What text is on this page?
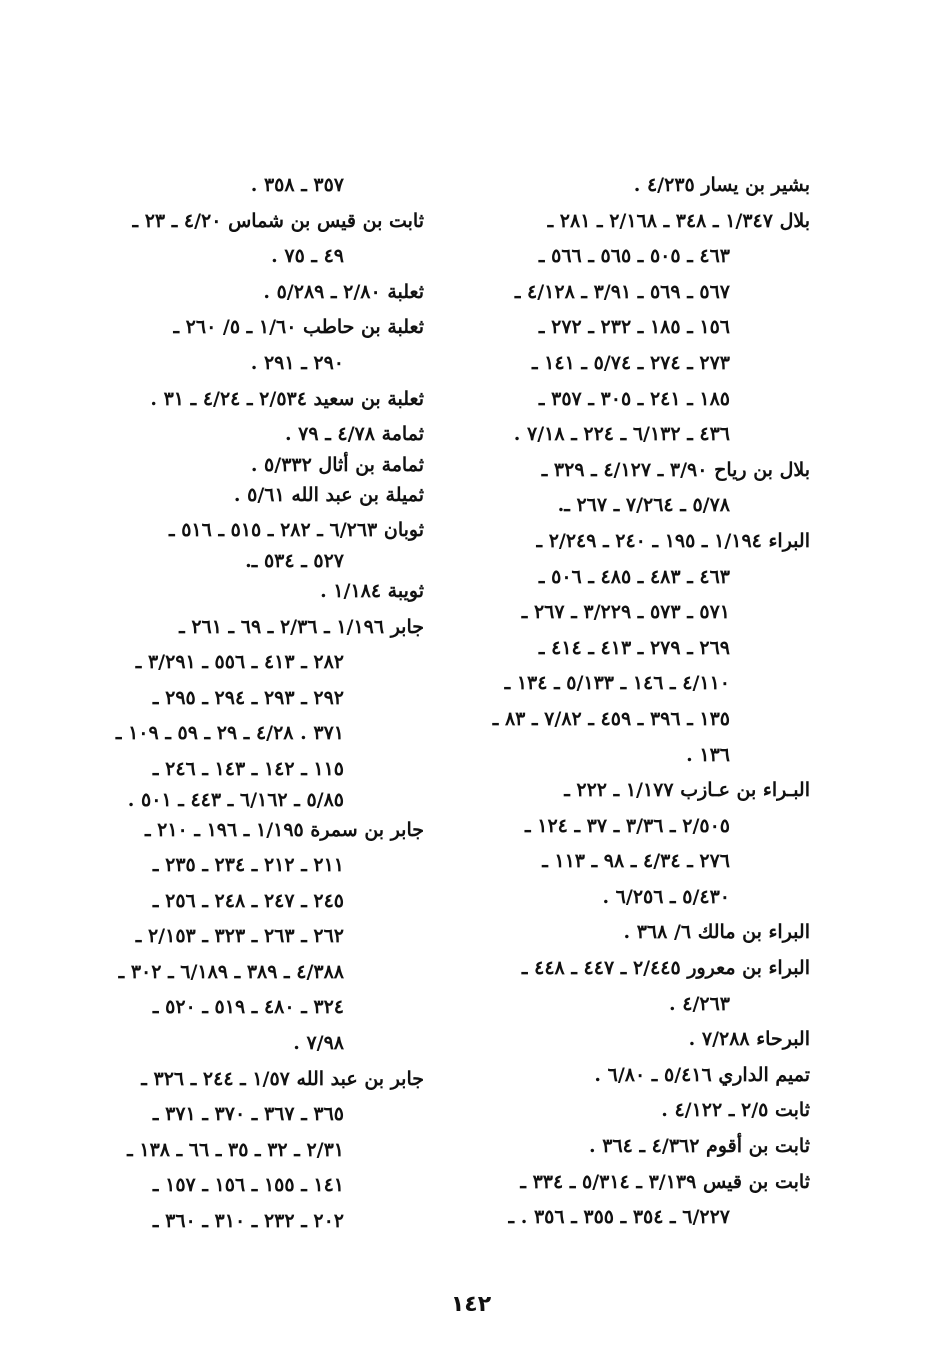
بشير بن يسار ٤/٢٣٥ .
بلال ١/٣٤٧ ـ ٣٤٨ ـ ٢/١٦٨ ـ ٢٨١ ـ
٤٦٣ ـ ٥٠٥ ـ ٥٦٥ ـ ٥٦٦ ـ
٥٦٧ ـ ٥٦٩ ـ ٣/٩١ ـ ٤/١٢٨ ـ
١٥٦ ـ ١٨٥ ـ ٢٣٢ ـ ٢٧٢ ـ
٢٧٣ ـ ٢٧٤ ـ ٥/٧٤ ـ ١٤١ ـ
١٨٥ ـ ٢٤١ ـ ٣٠٥ ـ ٣٥٧ ـ
٤٣٦ ـ ٦/١٣٢ ـ ٢٢٤ ـ ٧/١٨ .
بلال بن رياح ٣/٩٠ ـ ٤/١٢٧ ـ ٣٢٩ ـ
٥/٧٨ ـ ٧/٢٦٤ ـ ٢٦٧ ـ.
البراء ١/١٩٤ ـ ١٩٥ ـ ٢٤٠ ـ ٢/٢٤٩ ـ
٤٦٣ ـ ٤٨٣ ـ ٤٨٥ ـ ٥٠٦ ـ
٥٧١ ـ ٥٧٣ ـ ٣/٢٢٩ ـ ٢٦٧ ـ
٢٦٩ ـ ٢٧٩ ـ ٤١٣ ـ ٤١٤ ـ
٤/١١٠ ـ ١٤٦ ـ ٥/١٣٣ ـ ١٣٤ ـ
١٣٥ ـ ٣٩٦ ـ ٤٥٩ ـ ٧/٨٢ ـ ٨٣ ـ
١٣٦ .
البـراء بن عـازب ١/١٧٧ ـ ٢٢٢ ـ
٢/٥٠٥ ـ ٣/٣٦ ـ ٣٧ ـ ١٢٤ ـ
٢٧٦ ـ ٤/٣٤ ـ ٩٨ ـ ١١٣ ـ
٥/٤٣٠ ـ ٦/٢٥٦ .
البراء بن مالك ٦/ ٣٦٨ .
البراء بن معرور ٢/٤٤٥ ـ ٤٤٧ ـ ٤٤٨ ـ
٤/٢٦٣ .
البرحاء ٧/٢٨٨ .
تميم الداري ٥/٤١٦ ـ ٦/٨٠ .
ثابت ٢/٥ ـ ٤/١٢٢ .
ثابت بن أقوم ٤/٣٦٢ ـ ٣٦٤ .
ثابت بن قيس ٣/١٣٩ ـ ٥/٣١٤ ـ ٣٣٤ ـ
٦/٢٢٧ ـ ٣٥٤ ـ ٣٥٥ ـ ٣٥٦ . ـ
٣٥٧ ـ ٣٥٨ .
ثابت بن قيس بن شماس ٤/٢٠ ـ ٢٣ ـ
٤٩ ـ ٧٥ .
ثعلبة ٢/٨٠ ـ ٥/٢٨٩ .
ثعلبة بن حاطب ١/٦٠ ـ ٥/ ٢٦٠ ـ
٢٩٠ ـ ٢٩١ .
ثعلبة بن سعيد ٢/٥٣٤ ـ ٤/٢٤ ـ ٣١ .
ثمامة ٤/٧٨ ـ ٧٩ .
ثمامة بن أثال ٥/٣٣٢ .
ثميلة بن عبد الله ٥/٦١ .
ثوبان ٦/٢٦٣ ـ ٢٨٢ ـ ٥١٥ ـ ٥١٦ ـ
٥٢٧ ـ ٥٣٤ ـ.
ثويبة ١/١٨٤ .
جابر ١/١٩٦ ـ ٢/٣٦ ـ ٦٩ ـ ٢٦١ ـ
٢٨٢ ـ ٤١٣ ـ ٥٥٦ ـ ٣/٢٩١ ـ
٢٩٢ ـ ٢٩٣ ـ ٢٩٤ ـ ٢٩٥ ـ
٣٧١ . ٤/٢٨ ـ ٢٩ ـ ٥٩ ـ ١٠٩ ـ
١١٥ ـ ١٤٢ ـ ١٤٣ ـ ٢٤٦ ـ
٥/٨٥ ـ ٦/١٦٢ ـ ٤٤٣ ـ ٥٠١ .
جابر بن سمرة ١/١٩٥ ـ ١٩٦ ـ ٢١٠ ـ
٢١١ ـ ٢١٢ ـ ٢٣٤ ـ ٢٣٥ ـ
٢٤٥ ـ ٢٤٧ ـ ٢٤٨ ـ ٢٥٦ ـ
٢٦٢ ـ ٢٦٣ ـ ٣٢٣ ـ ٢/١٥٣ ـ
٤/٣٨٨ ـ ٣٨٩ ـ ٦/١٨٩ ـ ٣٠٢ ـ
٣٢٤ ـ ٤٨٠ ـ ٥١٩ ـ ٥٢٠ ـ
٧/٩٨ .
جابر بن عبد الله ١/٥٧ ـ ٢٤٤ ـ ٣٢٦ ـ
٣٦٥ ـ ٣٦٧ ـ ٣٧٠ ـ ٣٧١ ـ
٢/٣١ ـ ٣٢ ـ ٣٥ ـ ٦٦ ـ ١٣٨ ـ
١٤١ ـ ١٥٥ ـ ١٥٦ ـ ١٥٧ ـ
٢٠٢ ـ ٢٣٢ ـ ٣١٠ ـ ٣٦٠ ـ
١٤٢
